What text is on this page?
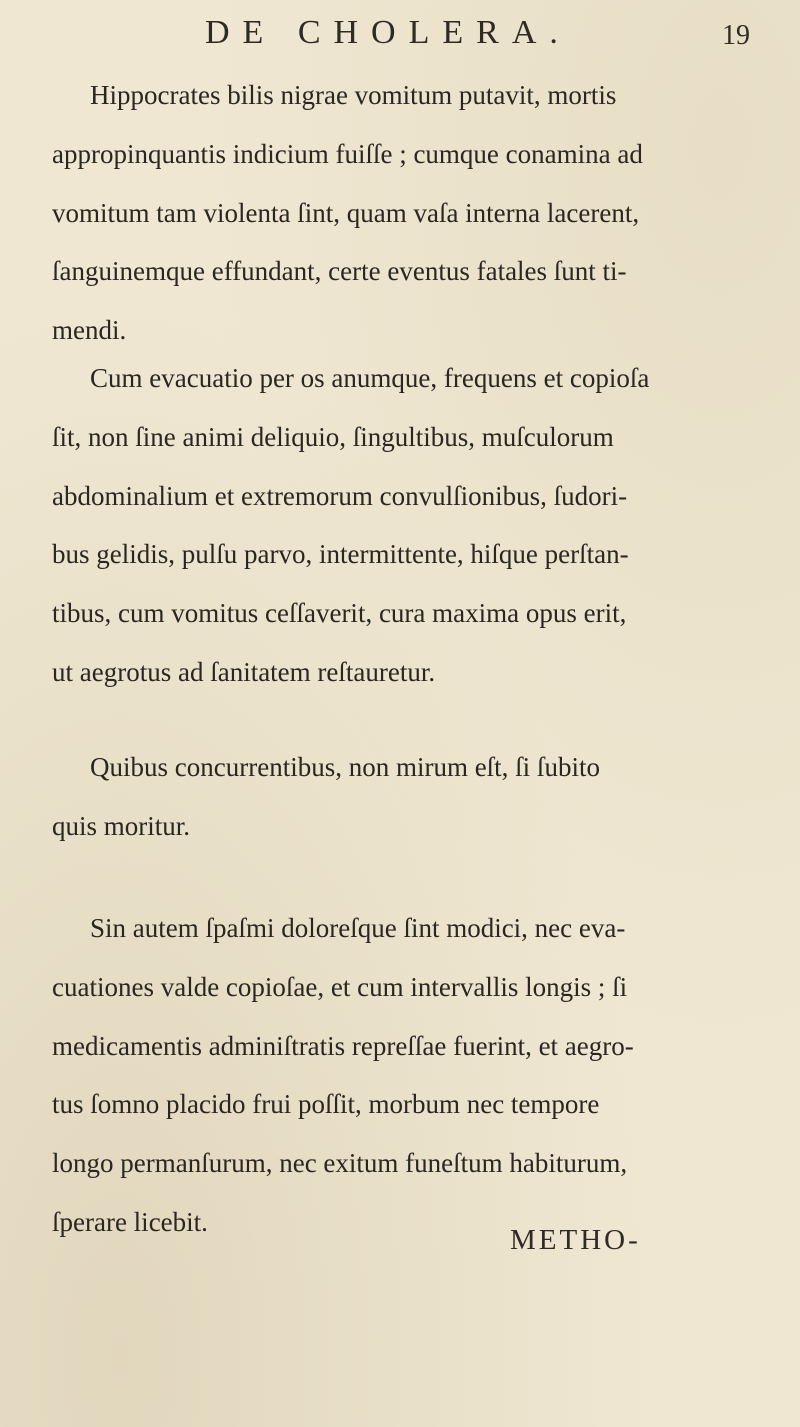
DE CHOLERA.	19
Hippocrates bilis nigrae vomitum putavit, mortis
appropinquantis indicium fuiſſe ; cumque conamina ad
vomitum tam violenta ſint, quam vaſa interna lacerent,
ſanguinemque effundant, certe eventus fatales ſunt ti-
mendi.
Cum evacuatio per os anumque, frequens et copioſa
ſit, non ſine animi deliquio, ſingultibus, muſculorum
abdominalium et extremorum convulſionibus, ſudori-
bus gelidis, pulſu parvo, intermittente, hiſque perſtan-
tibus, cum vomitus ceſſaverit, cura maxima opus erit,
ut aegrotus ad ſanitatem reſtauretur.
Quibus concurrentibus, non mirum eſt, ſi ſubito
quis moritur.
Sin autem ſpaſmi doloreſque ſint modici, nec eva-
cuationes valde copioſae, et cum intervallis longis ; ſi
medicamentis adminiſtratis repreſſae fuerint, et aegro-
tus ſomno placido frui poſſit, morbum nec tempore
longo permanſurum, nec exitum funeſtum habiturum,
ſperare licebit.
METHO-
